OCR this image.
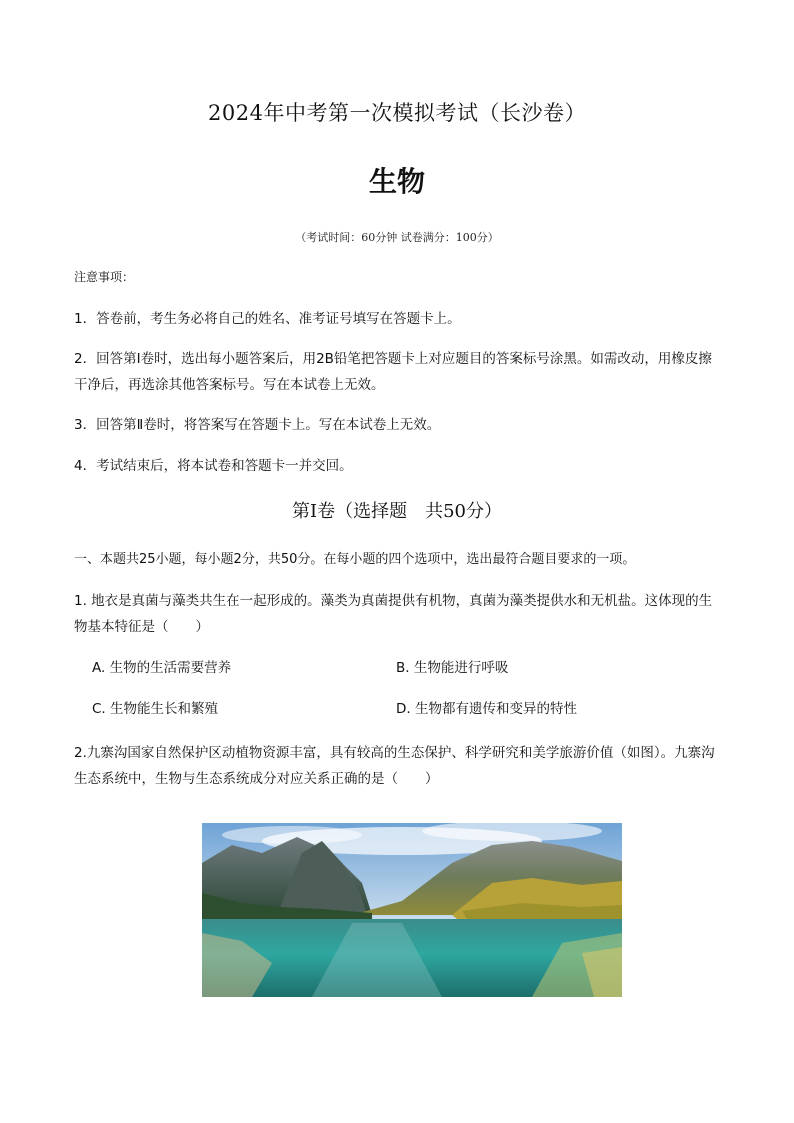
2024年中考第一次模拟考试（长沙卷）
生物
（考试时间：60分钟 试卷满分：100分）
注意事项：
1．答卷前，考生务必将自己的姓名、准考证号填写在答题卡上。
2．回答第Ⅰ卷时，选出每小题答案后，用2B铅笔把答题卡上对应题目的答案标号涂黑。如需改动，用橡皮擦干净后，再选涂其他答案标号。写在本试卷上无效。
3．回答第Ⅱ卷时，将答案写在答题卡上。写在本试卷上无效。
4．考试结束后，将本试卷和答题卡一并交回。
第Ⅰ卷（选择题　共50分）
一、本题共25小题，每小题2分，共50分。在每小题的四个选项中，选出最符合题目要求的一项。
1. 地衣是真菌与藻类共生在一起形成的。藻类为真菌提供有机物，真菌为藻类提供水和无机盐。这体现的生物基本特征是（　　）
A. 生物的生活需要营养	B. 生物能进行呼吸
C. 生物能生长和繁殖	D. 生物都有遗传和变异的特性
2.九寨沟国家自然保护区动植物资源丰富，具有较高的生态保护、科学研究和美学旅游价值（如图）。九寨沟生态系统中，生物与生态系统成分对应关系正确的是（　　）
